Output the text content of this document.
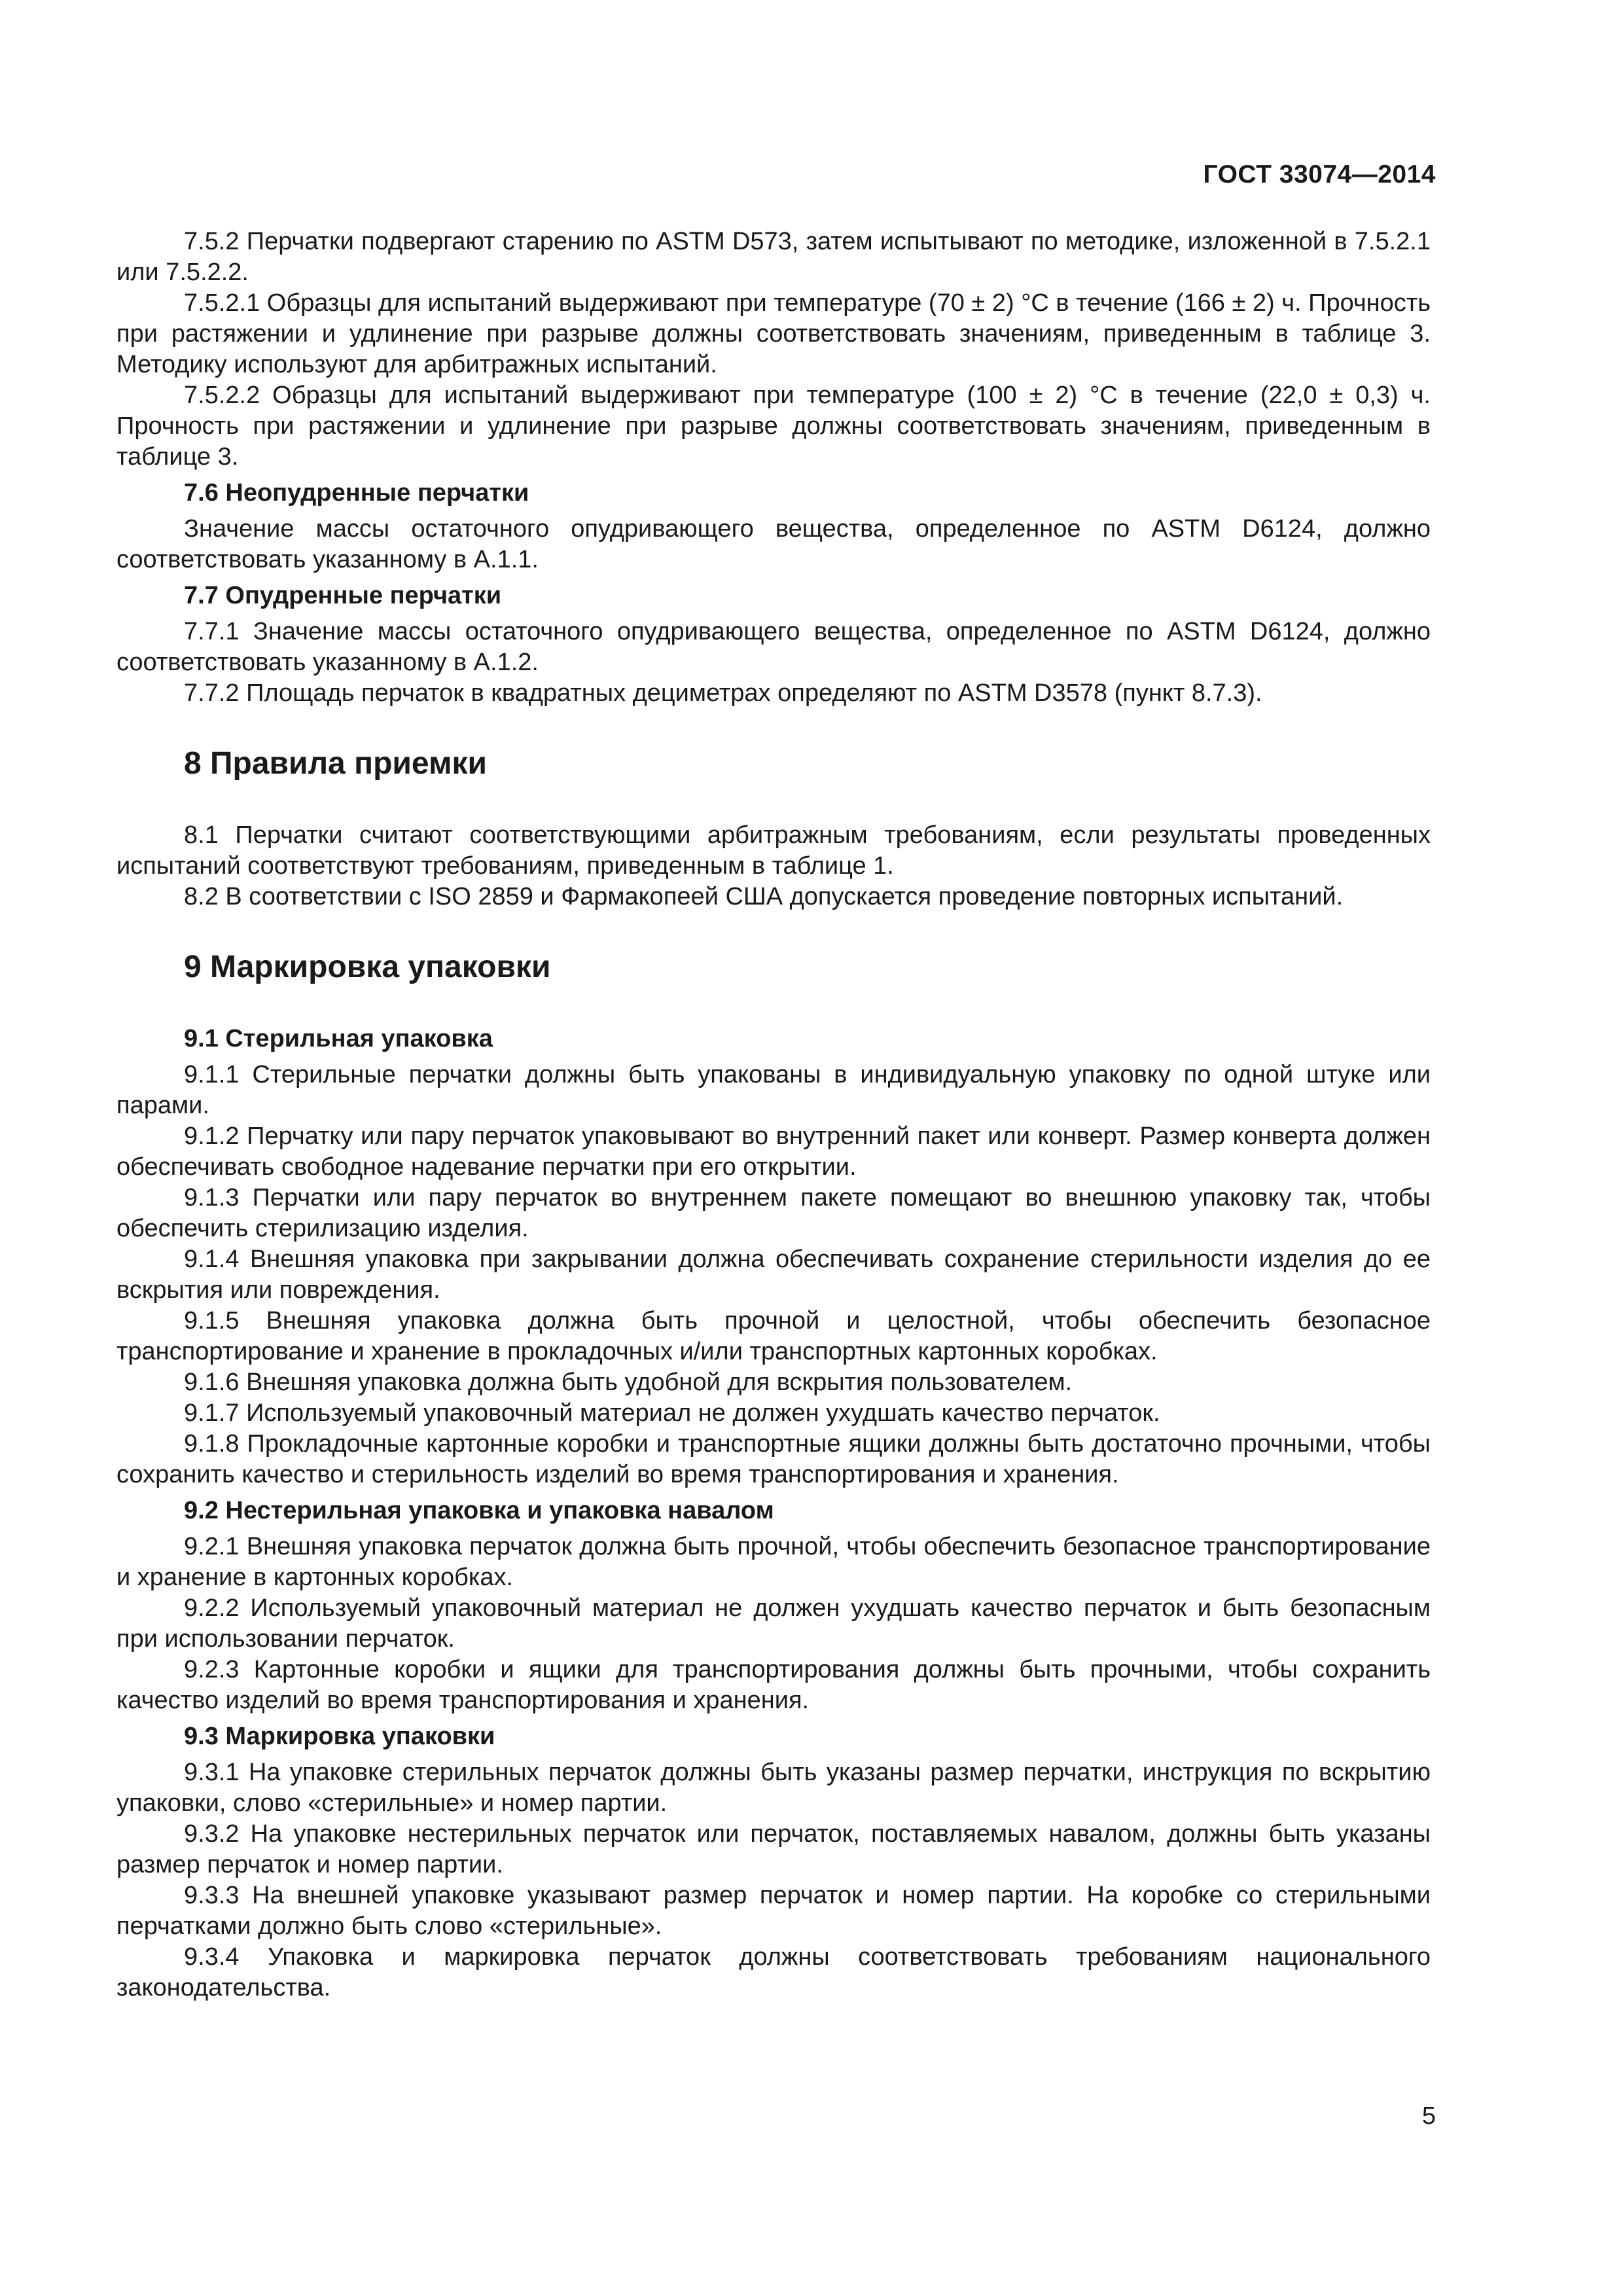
ГОСТ 33074—2014

7.5.2 Перчатки подвергают старению по ASTM D573, затем испытывают по методике, изложенной в 7.5.2.1 или 7.5.2.2.

7.5.2.1 Образцы для испытаний выдерживают при температуре (70 ± 2) °С в течение (166 ± 2) ч. Прочность при растяжении и удлинение при разрыве должны соответствовать значениям, приведенным в таблице 3. Методику используют для арбитражных испытаний.

7.5.2.2 Образцы для испытаний выдерживают при температуре (100 ± 2) °С в течение (22,0 ± 0,3) ч. Прочность при растяжении и удлинение при разрыве должны соответствовать значениям, приведенным в таблице 3.

7.6 Неопудренные перчатки

Значение массы остаточного опудривающего вещества, определенное по ASTM D6124, должно соответствовать указанному в А.1.1.

7.7 Опудренные перчатки

7.7.1 Значение массы остаточного опудривающего вещества, определенное по ASTM D6124, должно соответствовать указанному в А.1.2.

7.7.2 Площадь перчаток в квадратных дециметрах определяют по ASTM D3578 (пункт 8.7.3).

8 Правила приемки

8.1 Перчатки считают соответствующими арбитражным требованиям, если результаты проведенных испытаний соответствуют требованиям, приведенным в таблице 1.

8.2 В соответствии с ISO 2859 и Фармакопеей США допускается проведение повторных испытаний.

9 Маркировка упаковки
9.1 Стерильная упаковка

9.1.1 Стерильные перчатки должны быть упакованы в индивидуальную упаковку по одной штуке или парами.

9.1.2 Перчатку или пару перчаток упаковывают во внутренний пакет или конверт. Размер конверта должен обеспечивать свободное надевание перчатки при его открытии.

9.1.3 Перчатки или пару перчаток во внутреннем пакете помещают во внешнюю упаковку так, чтобы обеспечить стерилизацию изделия.

9.1.4 Внешняя упаковка при закрывании должна обеспечивать сохранение стерильности изделия до ее вскрытия или повреждения.

9.1.5 Внешняя упаковка должна быть прочной и целостной, чтобы обеспечить безопасное транспортирование и хранение в прокладочных и/или транспортных картонных коробках.

9.1.6 Внешняя упаковка должна быть удобной для вскрытия пользователем.

9.1.7 Используемый упаковочный материал не должен ухудшать качество перчаток.

9.1.8 Прокладочные картонные коробки и транспортные ящики должны быть достаточно прочными, чтобы сохранить качество и стерильность изделий во время транспортирования и хранения.

9.2 Нестерильная упаковка и упаковка навалом

9.2.1 Внешняя упаковка перчаток должна быть прочной, чтобы обеспечить безопасное транспортирование и хранение в картонных коробках.

9.2.2 Используемый упаковочный материал не должен ухудшать качество перчаток и быть безопасным при использовании перчаток.

9.2.3 Картонные коробки и ящики для транспортирования должны быть прочными, чтобы сохранить качество изделий во время транспортирования и хранения.

9.3 Маркировка упаковки

9.3.1 На упаковке стерильных перчаток должны быть указаны размер перчатки, инструкция по вскрытию упаковки, слово «стерильные» и номер партии.

9.3.2 На упаковке нестерильных перчаток или перчаток, поставляемых навалом, должны быть указаны размер перчаток и номер партии.

9.3.3 На внешней упаковке указывают размер перчаток и номер партии. На коробке со стерильными перчатками должно быть слово «стерильные».

9.3.4 Упаковка и маркировка перчаток должны соответствовать требованиям национального законодательства.

5
